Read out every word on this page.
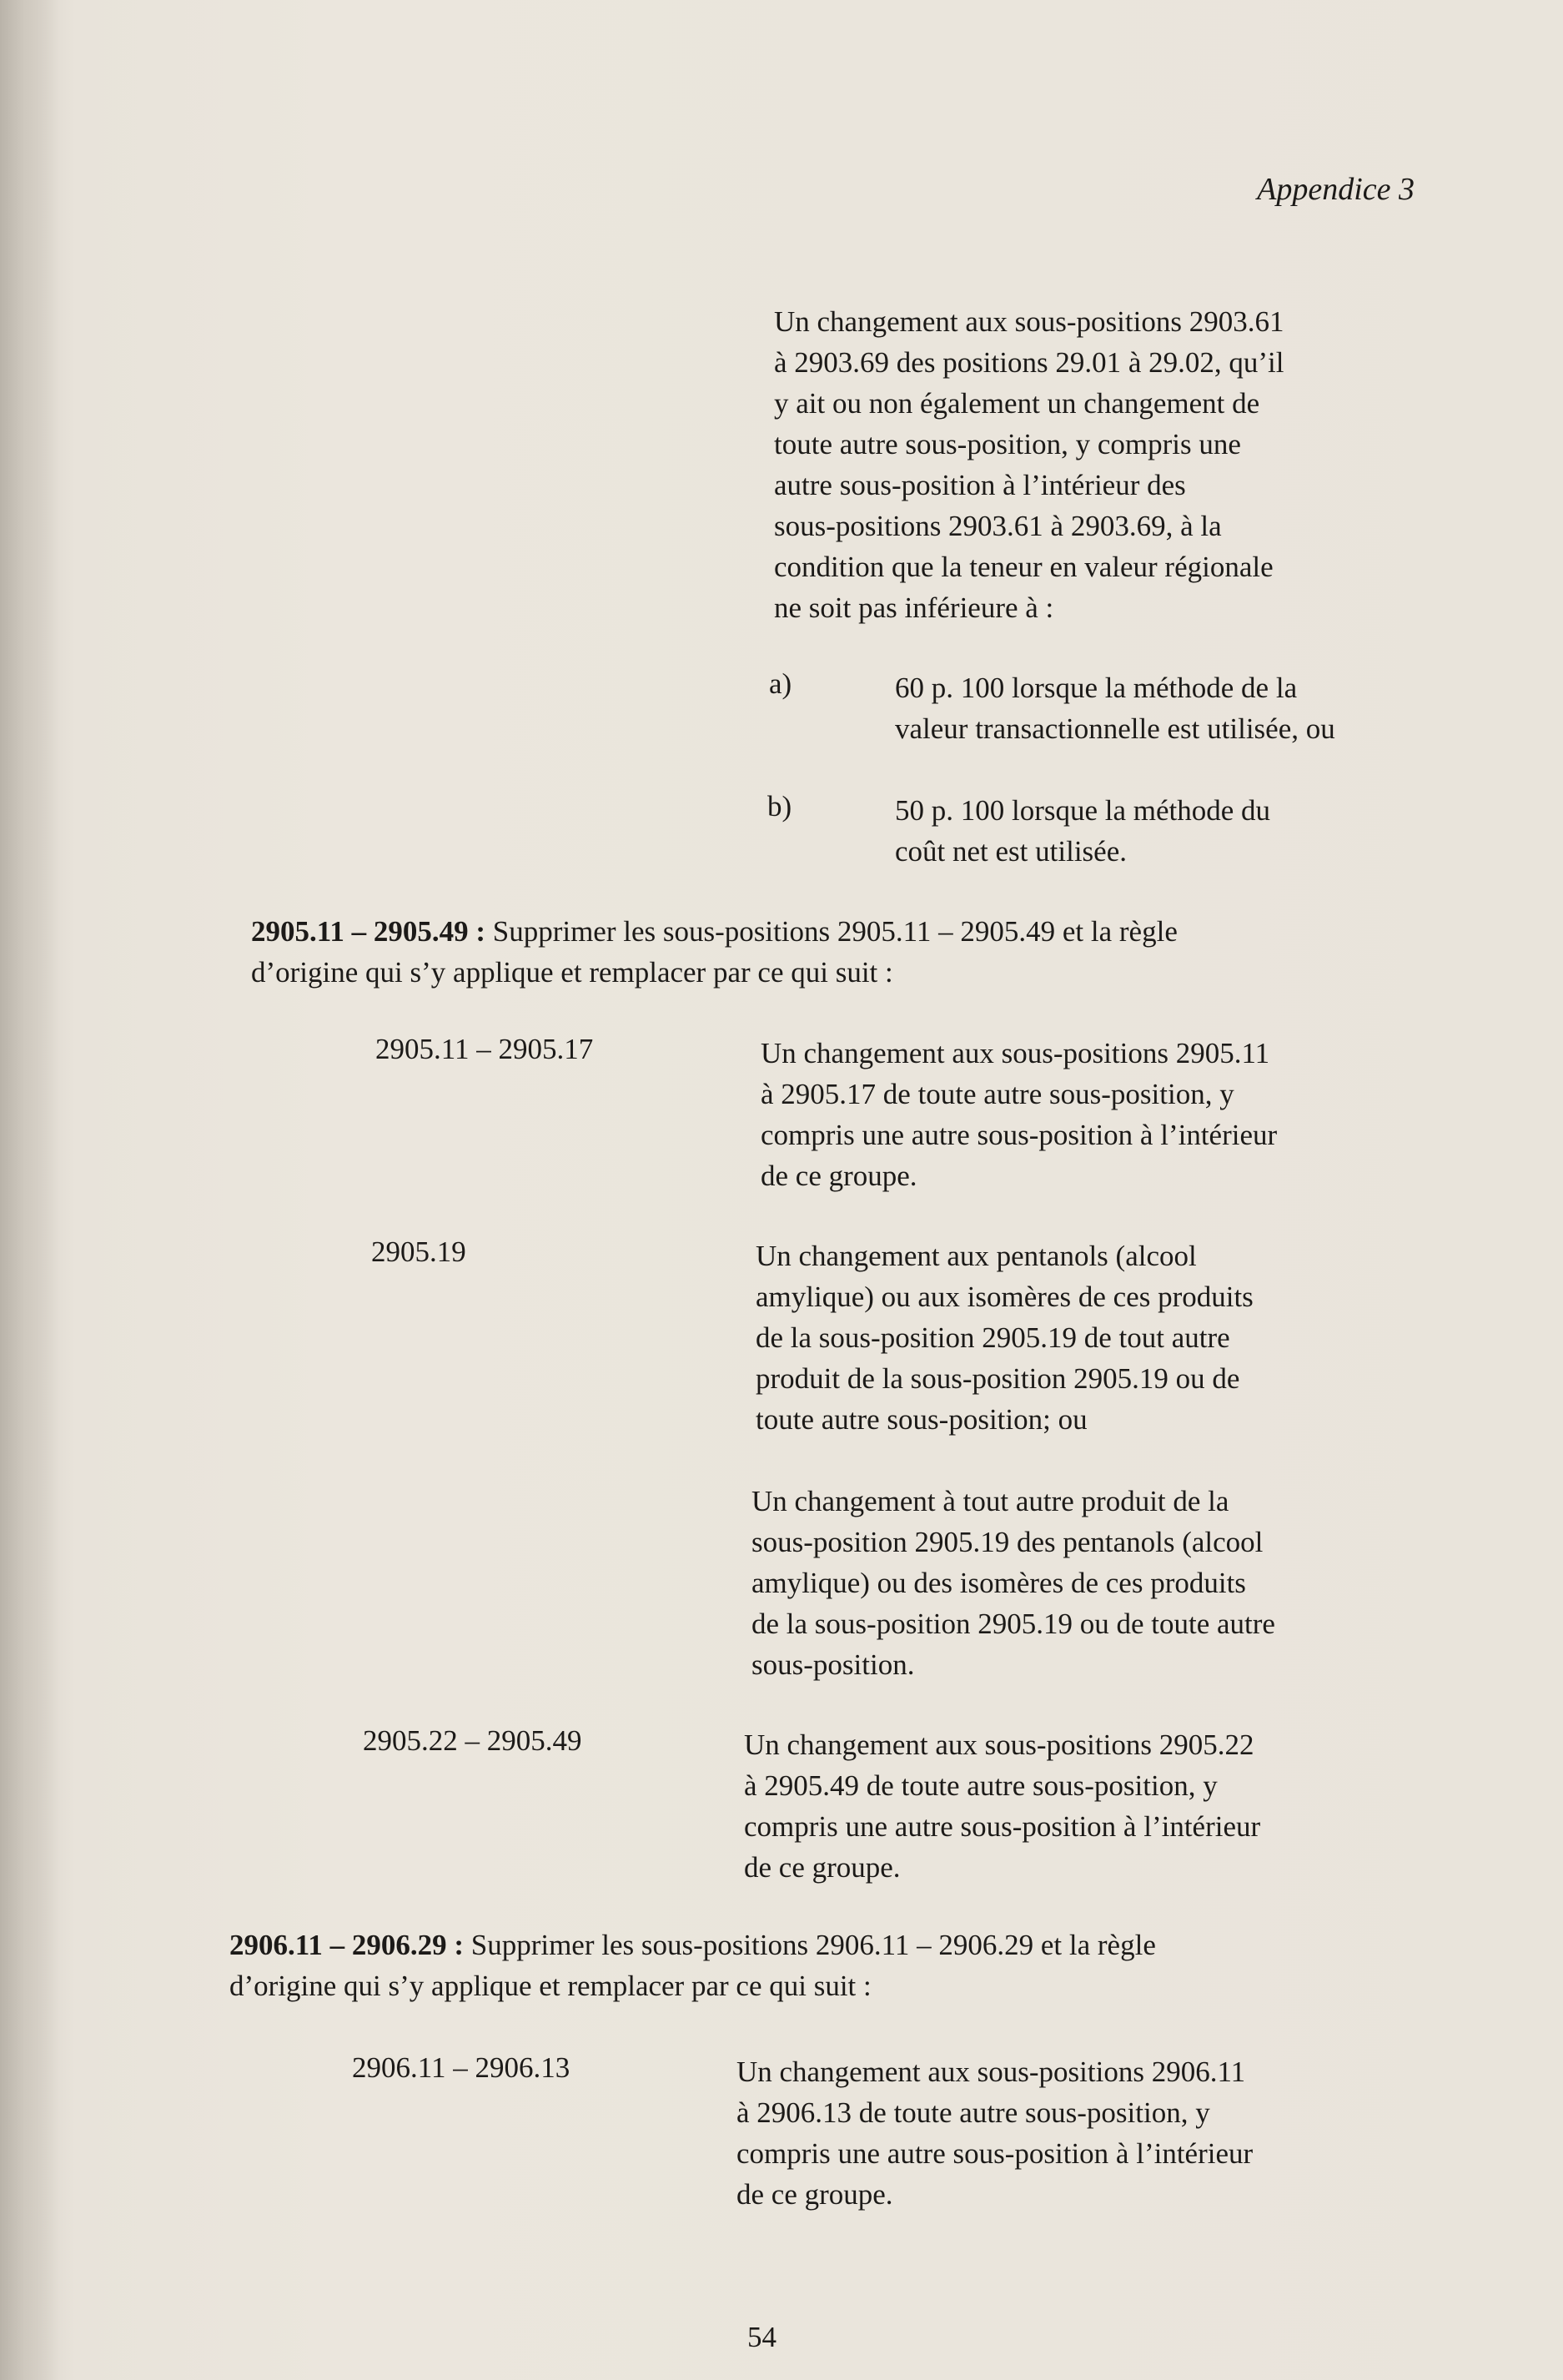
Appendice 3
Un changement aux sous-positions 2903.61
à 2903.69 des positions 29.01 à 29.02, qu’il
y ait ou non également un changement de
toute autre sous-position, y compris une
autre sous-position à l’intérieur des
sous-positions 2903.61 à 2903.69, à la
condition que la teneur en valeur régionale
ne soit pas inférieure à :
a)	60 p. 100 lorsque la méthode de la
valeur transactionnelle est utilisée, ou
b)	50 p. 100 lorsque la méthode du
coût net est utilisée.
2905.11 – 2905.49 : Supprimer les sous-positions 2905.11 – 2905.49 et la règle
d’origine qui s’y applique et remplacer par ce qui suit :
2905.11 – 2905.17	Un changement aux sous-positions 2905.11
à 2905.17 de toute autre sous-position, y
compris une autre sous-position à l’intérieur
de ce groupe.
2905.19	Un changement aux pentanols (alcool
amylique) ou aux isomères de ces produits
de la sous-position 2905.19 de tout autre
produit de la sous-position 2905.19 ou de
toute autre sous-position; ou
Un changement à tout autre produit de la
sous-position 2905.19 des pentanols (alcool
amylique) ou des isomères de ces produits
de la sous-position 2905.19 ou de toute autre
sous-position.
2905.22 – 2905.49	Un changement aux sous-positions 2905.22
à 2905.49 de toute autre sous-position, y
compris une autre sous-position à l’intérieur
de ce groupe.
2906.11 – 2906.29 : Supprimer les sous-positions 2906.11 – 2906.29 et la règle
d’origine qui s’y applique et remplacer par ce qui suit :
2906.11 – 2906.13	Un changement aux sous-positions 2906.11
à 2906.13 de toute autre sous-position, y
compris une autre sous-position à l’intérieur
de ce groupe.
54
